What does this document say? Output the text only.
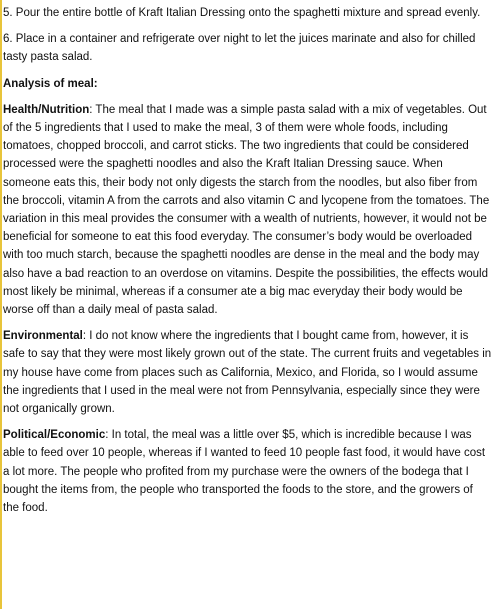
5. Pour the entire bottle of Kraft Italian Dressing onto the spaghetti mixture and spread evenly.

6. Place in a container and refrigerate over night to let the juices marinate and also for chilled tasty pasta salad.

Analysis of meal:

Health/Nutrition: The meal that I made was a simple pasta salad with a mix of vegetables. Out of the 5 ingredients that I used to make the meal, 3 of them were whole foods, including tomatoes, chopped broccoli, and carrot sticks. The two ingredients that could be considered processed were the spaghetti noodles and also the Kraft Italian Dressing sauce. When someone eats this, their body not only digests the starch from the noodles, but also fiber from the broccoli, vitamin A from the carrots and also vitamin C and lycopene from the tomatoes. The variation in this meal provides the consumer with a wealth of nutrients, however, it would not be beneficial for someone to eat this food everyday. The consumer’s body would be overloaded with too much starch, because the spaghetti noodles are dense in the meal and the body may also have a bad reaction to an overdose on vitamins. Despite the possibilities, the effects would most likely be minimal, whereas if a consumer ate a big mac everyday their body would be worse off than a daily meal of pasta salad.

Environmental: I do not know where the ingredients that I bought came from, however, it is safe to say that they were most likely grown out of the state. The current fruits and vegetables in my house have come from places such as California, Mexico, and Florida, so I would assume the ingredients that I used in the meal were not from Pennsylvania, especially since they were not organically grown.

Political/Economic: In total, the meal was a little over $5, which is incredible because I was able to feed over 10 people, whereas if I wanted to feed 10 people fast food, it would have cost a lot more. The people who profited from my purchase were the owners of the bodega that I bought the items from, the people who transported the foods to the store, and the growers of the food.
